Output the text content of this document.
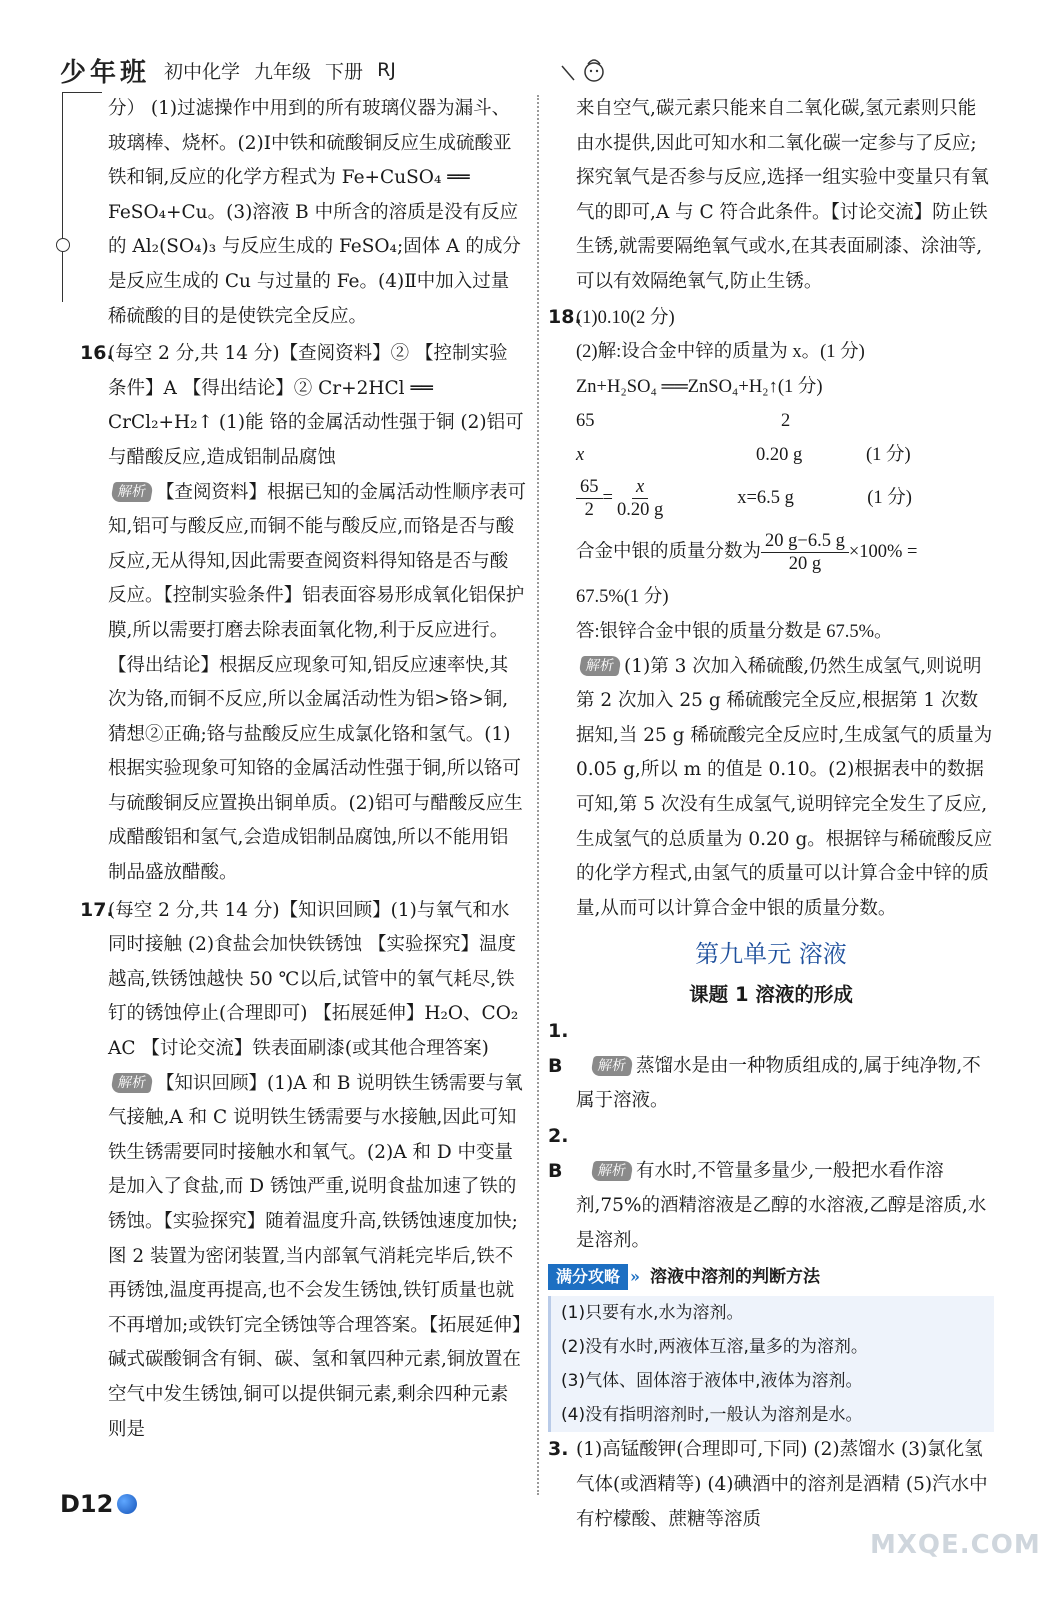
少年班 初中化学 九年级 下册 RJ

分） (1)过滤操作中用到的所有玻璃仪器为漏斗、玻璃棒、烧杯。(2)Ⅰ中铁和硫酸铜反应生成硫酸亚铁和铜,反应的化学方程式为 Fe+CuSO₄ ══ FeSO₄+Cu。(3)溶液 B 中所含的溶质是没有反应的 Al₂(SO₄)₃ 与反应生成的 FeSO₄;固体 A 的成分是反应生成的 Cu 与过量的 Fe。(4)Ⅱ中加入过量稀硫酸的目的是使铁完全反应。

16.(每空 2 分,共 14 分)【查阅资料】② 【控制实验条件】A 【得出结论】② Cr+2HCl ══ CrCl₂+H₂↑ (1)能 铬的金属活动性强于铜 (2)铝可与醋酸反应,造成铝制品腐蚀

解析 【查阅资料】根据已知的金属活动性顺序表可知,铝可与酸反应,而铜不能与酸反应,而铬是否与酸反应,无从得知,因此需要查阅资料得知铬是否与酸反应。【控制实验条件】铝表面容易形成氧化铝保护膜,所以需要打磨去除表面氧化物,利于反应进行。【得出结论】根据反应现象可知,铝反应速率快,其次为铬,而铜不反应,所以金属活动性为铝>铬>铜,猜想②正确;铬与盐酸反应生成氯化铬和氢气。(1)根据实验现象可知铬的金属活动性强于铜,所以铬可与硫酸铜反应置换出铜单质。(2)铝可与醋酸反应生成醋酸铝和氢气,会造成铝制品腐蚀,所以不能用铝制品盛放醋酸。

17.(每空 2 分,共 14 分)【知识回顾】(1)与氧气和水同时接触 (2)食盐会加快铁锈蚀 【实验探究】温度越高,铁锈蚀越快 50 ℃以后,试管中的氧气耗尽,铁钉的锈蚀停止(合理即可) 【拓展延伸】H₂O、CO₂ AC 【讨论交流】铁表面刷漆(或其他合理答案)

解析 【知识回顾】(1)A 和 B 说明铁生锈需要与氧气接触,A 和 C 说明铁生锈需要与水接触,因此可知铁生锈需要同时接触水和氧气。(2)A 和 D 中变量是加入了食盐,而 D 锈蚀严重,说明食盐加速了铁的锈蚀。【实验探究】随着温度升高,铁锈蚀速度加快;图 2 装置为密闭装置,当内部氧气消耗完毕后,铁不再锈蚀,温度再提高,也不会发生锈蚀,铁钉质量也就不再增加;或铁钉完全锈蚀等合理答案。【拓展延伸】碱式碳酸铜含有铜、碳、氢和氧四种元素,铜放置在空气中发生锈蚀,铜可以提供铜元素,剩余四种元素则是

来自空气,碳元素只能来自二氧化碳,氢元素则只能由水提供,因此可知水和二氧化碳一定参与了反应;探究氧气是否参与反应,选择一组实验中变量只有氧气的即可,A 与 C 符合此条件。【讨论交流】防止铁生锈,就需要隔绝氧气或水,在其表面刷漆、涂油等,可以有效隔绝氧气,防止生锈。

18.(1)0.10(2 分)

(2)解:设合金中锌的质量为 x。(1 分)

Zn+H₂SO₄ ══ZnSO₄+H₂↑(1 分)

65	2
x	0.20 g	(1 分)
$\frac{65}{2} = \frac{x}{0.20 g}$	x=6.5 g	(1 分)
合金中银的质量分数为 $\frac{20 g-6.5 g}{20 g} \times 100\%$ =

67.5%(1 分)

答:银锌合金中银的质量分数是 67.5%。

解析 (1)第 3 次加入稀硫酸,仍然生成氢气,则说明第 2 次加入 25 g 稀硫酸完全反应,根据第 1 次数据知,当 25 g 稀硫酸完全反应时,生成氢气的质量为 0.05 g,所以 m 的值是 0.10。(2)根据表中的数据可知,第 5 次没有生成氢气,说明锌完全发生了反应,生成氢气的总质量为 0.20 g。根据锌与稀硫酸反应的化学方程式,由氢气的质量可以计算合金中锌的质量,从而可以计算合金中银的质量分数。

第九单元 溶液
课题 1 溶液的形成

1. B 解析 蒸馏水是由一种物质组成的,属于纯净物,不属于溶液。

2. B 解析 有水时,不管量多量少,一般把水看作溶剂,75%的酒精溶液是乙醇的水溶液,乙醇是溶质,水是溶剂。

满分攻略 » 溶液中溶剂的判断方法
(1)只要有水,水为溶剂。
(2)没有水时,两液体互溶,量多的为溶剂。
(3)气体、固体溶于液体中,液体为溶剂。
(4)没有指明溶剂时,一般认为溶剂是水。

3. (1)高锰酸钾(合理即可,下同) (2)蒸馏水 (3)氯化氢气体(或酒精等) (4)碘酒中的溶剂是酒精 (5)汽水中有柠檬酸、蔗糖等溶质

D12
MXQE.COM
